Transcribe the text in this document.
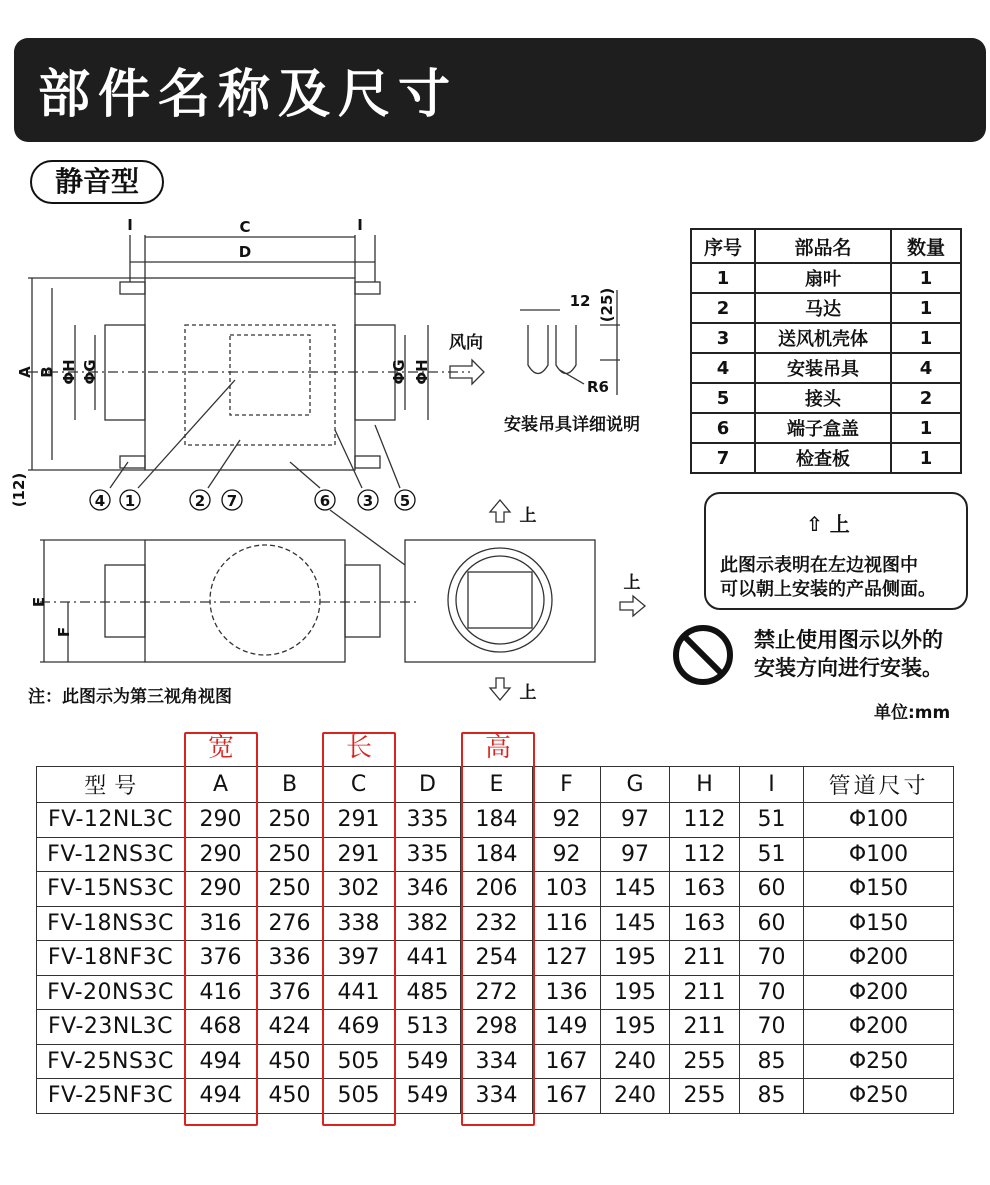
部件名称及尺寸
静音型
I	C	I
D
A B ΦH ΦG	ΦG ΦH
(12)
E
F
4 1	2 7	6 3 5
风向
12 (25)
R6
上
上
上
安装吊具详细说明
注：此图示为第三视角视图
序号	部品名	数量
1	扇叶	1
2	马达	1
3	送风机壳体	1
4	安装吊具	4
5	接头	2
6	端子盒盖	1
7	检查板	1
⇧ 上
此图示表明在左边视图中
可以朝上安装的产品侧面。
禁止使用图示以外的
安装方向进行安装。
单位:mm
宽	长	高
型 号	A	B	C	D	E	F	G	H	I	管道尺寸
FV-12NL3C	290	250	291	335	184	92	97	112	51	Φ100
FV-12NS3C	290	250	291	335	184	92	97	112	51	Φ100
FV-15NS3C	290	250	302	346	206	103	145	163	60	Φ150
FV-18NS3C	316	276	338	382	232	116	145	163	60	Φ150
FV-18NF3C	376	336	397	441	254	127	195	211	70	Φ200
FV-20NS3C	416	376	441	485	272	136	195	211	70	Φ200
FV-23NL3C	468	424	469	513	298	149	195	211	70	Φ200
FV-25NS3C	494	450	505	549	334	167	240	255	85	Φ250
FV-25NF3C	494	450	505	549	334	167	240	255	85	Φ250
